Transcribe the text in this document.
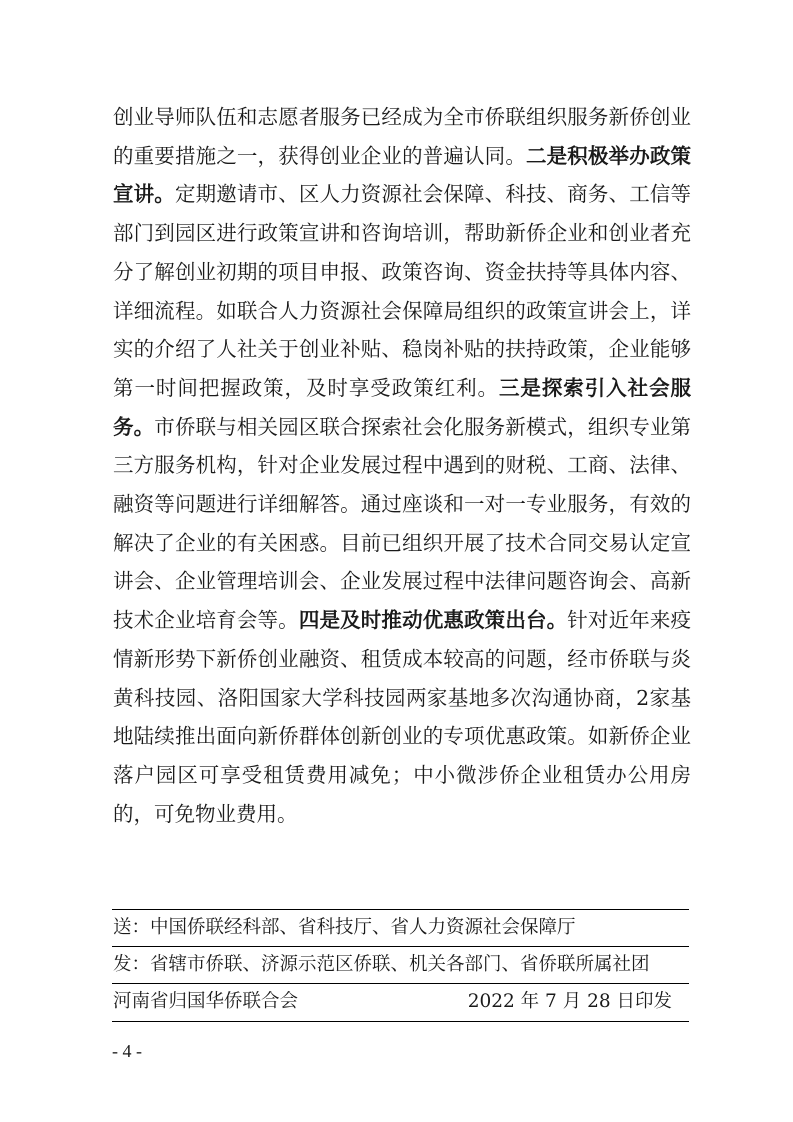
创业导师队伍和志愿者服务已经成为全市侨联组织服务新侨创业的重要措施之一，获得创业企业的普遍认同。二是积极举办政策宣讲。定期邀请市、区人力资源社会保障、科技、商务、工信等部门到园区进行政策宣讲和咨询培训，帮助新侨企业和创业者充分了解创业初期的项目申报、政策咨询、资金扶持等具体内容、详细流程。如联合人力资源社会保障局组织的政策宣讲会上，详实的介绍了人社关于创业补贴、稳岗补贴的扶持政策，企业能够第一时间把握政策，及时享受政策红利。三是探索引入社会服务。市侨联与相关园区联合探索社会化服务新模式，组织专业第三方服务机构，针对企业发展过程中遇到的财税、工商、法律、融资等问题进行详细解答。通过座谈和一对一专业服务，有效的解决了企业的有关困惑。目前已组织开展了技术合同交易认定宣讲会、企业管理培训会、企业发展过程中法律问题咨询会、高新技术企业培育会等。四是及时推动优惠政策出台。针对近年来疫情新形势下新侨创业融资、租赁成本较高的问题，经市侨联与炎黄科技园、洛阳国家大学科技园两家基地多次沟通协商，2家基地陆续推出面向新侨群体创新创业的专项优惠政策。如新侨企业落户园区可享受租赁费用减免；中小微涉侨企业租赁办公用房的，可免物业费用。

送：中国侨联经科部、省科技厅、省人力资源社会保障厅
发：省辖市侨联、济源示范区侨联、机关各部门、省侨联所属社团
河南省归国华侨联合会	2022 年 7 月 28 日印发
- 4 -
